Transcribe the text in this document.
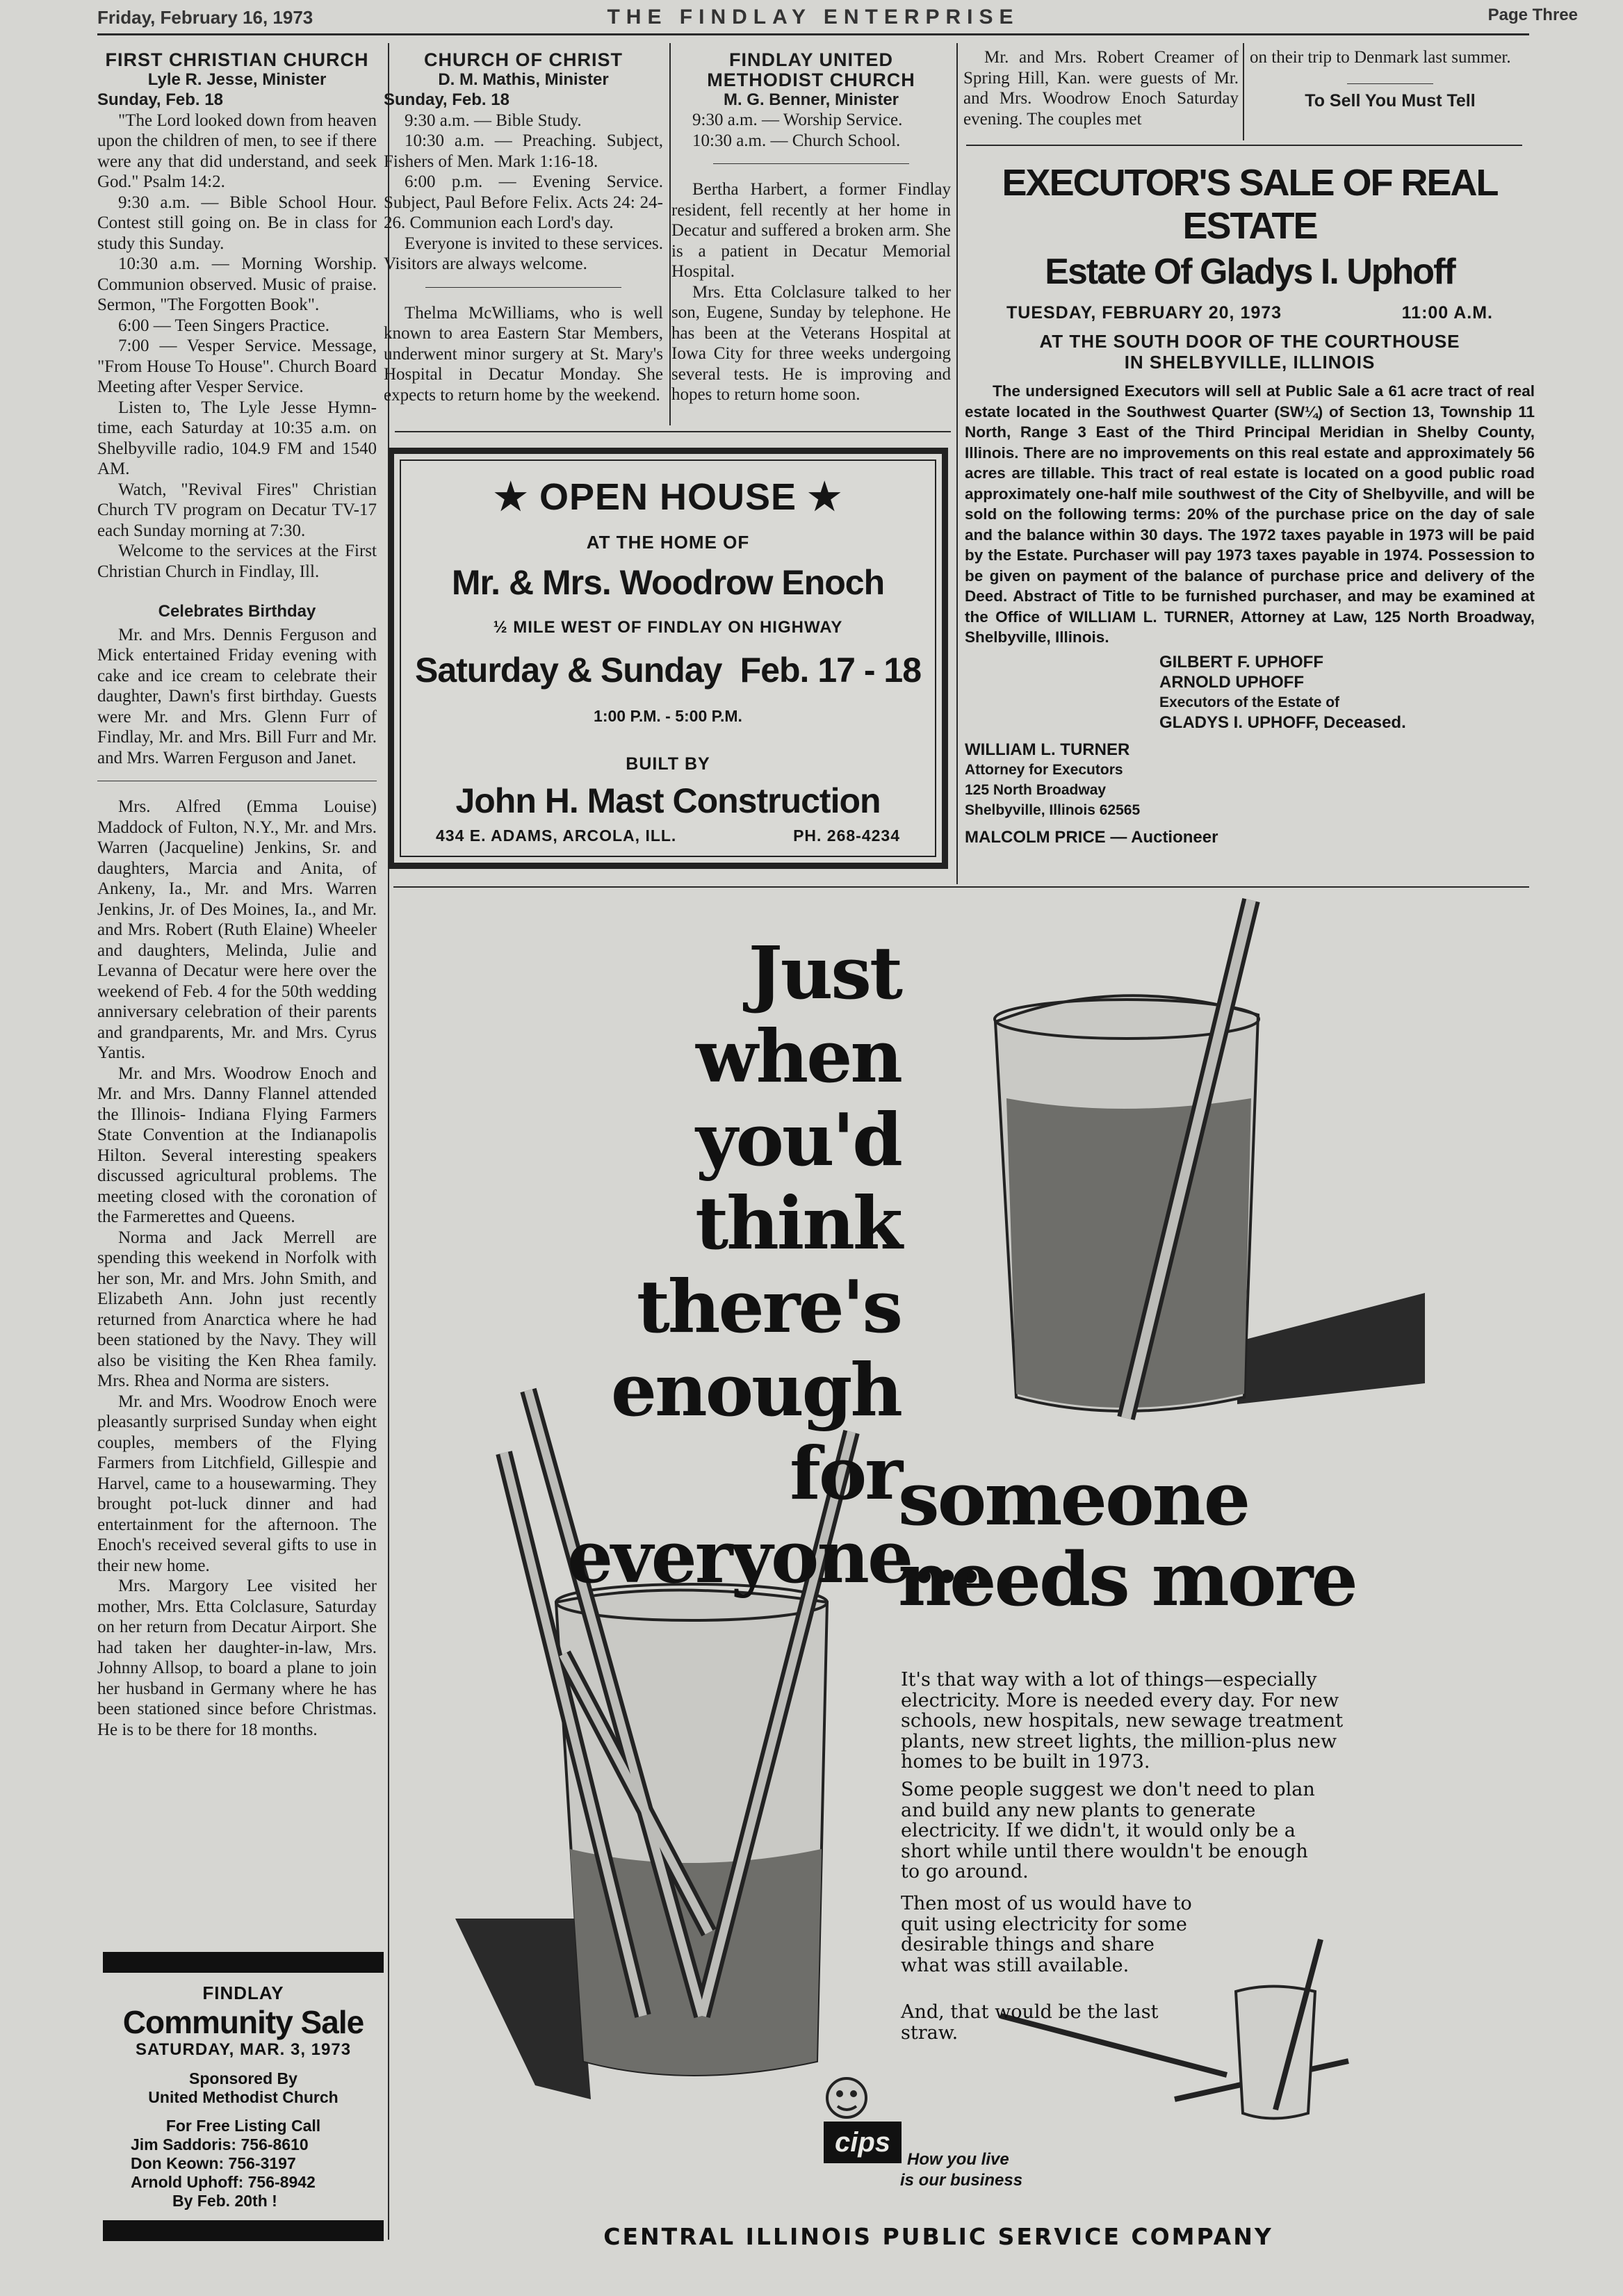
Friday, February 16, 1973	THE FINDLAY ENTERPRISE	Page Three
FIRST CHRISTIAN CHURCH
Lyle R. Jesse, Minister
Sunday, Feb. 18

"The Lord looked down from heaven upon the children of men, to see if there were any that did understand, and seek God." Psalm 14:2.

9:30 a.m. — Bible School Hour. Contest still going on. Be in class for study this Sunday.

10:30 a.m. — Morning Worship. Communion observed. Music of praise. Sermon, "The Forgotten Book".

6:00 — Teen Singers Practice.

7:00 — Vesper Service. Message, "From House To House". Church Board Meeting after Vesper Service.

Listen to, The Lyle Jesse Hymn-time, each Saturday at 10:35 a.m. on Shelbyville radio, 104.9 FM and 1540 AM.

Watch, "Revival Fires" Christian Church TV program on Decatur TV-17 each Sunday morning at 7:30.

Welcome to the services at the First Christian Church in Findlay, Ill.

Celebrates Birthday

Mr. and Mrs. Dennis Ferguson and Mick entertained Friday evening with cake and ice cream to celebrate their daughter, Dawn's first birthday. Guests were Mr. and Mrs. Glenn Furr of Findlay, Mr. and Mrs. Bill Furr and Mr. and Mrs. Warren Ferguson and Janet.

Mrs. Alfred (Emma Louise) Maddock of Fulton, N.Y., Mr. and Mrs. Warren (Jacqueline) Jenkins, Sr. and daughters, Marcia and Anita, of Ankeny, Ia., Mr. and Mrs. Warren Jenkins, Jr. of Des Moines, Ia., and Mr. and Mrs. Robert (Ruth Elaine) Wheeler and daughters, Melinda, Julie and Levanna of Decatur were here over the weekend of Feb. 4 for the 50th wedding anniversary celebration of their parents and grandparents, Mr. and Mrs. Cyrus Yantis.

Mr. and Mrs. Woodrow Enoch and Mr. and Mrs. Danny Flannel attended the Illinois- Indiana Flying Farmers State Convention at the Indianapolis Hilton. Several interesting speakers discussed agricultural problems. The meeting closed with the coronation of the Farmerettes and Queens.

Norma and Jack Merrell are spending this weekend in Norfolk with her son, Mr. and Mrs. John Smith, and Elizabeth Ann. John just recently returned from Anarctica where he had been stationed by the Navy. They will also be visiting the Ken Rhea family. Mrs. Rhea and Norma are sisters.

Mr. and Mrs. Woodrow Enoch were pleasantly surprised Sunday when eight couples, members of the Flying Farmers from Litchfield, Gillespie and Harvel, came to a housewarming. They brought pot-luck dinner and had entertainment for the afternoon. The Enoch's received several gifts to use in their new home.

Mrs. Margory Lee visited her mother, Mrs. Etta Colclasure, Saturday on her return from Decatur Airport. She had taken her daughter-in-law, Mrs. Johnny Allsop, to board a plane to join her husband in Germany where he has been stationed since before Christmas. He is to be there for 18 months.

FINDLAY
Community Sale
SATURDAY, MAR. 3, 1973
Sponsored By
United Methodist Church
For Free Listing Call
Jim Saddoris: 756-8610
Don Keown: 756-3197
Arnold Uphoff: 756-8942
By Feb. 20th !
CHURCH OF CHRIST
D. M. Mathis, Minister
Sunday, Feb. 18

9:30 a.m. — Bible Study.

10:30 a.m. — Preaching. Subject, Fishers of Men. Mark 1:16-18.

6:00 p.m. — Evening Service. Subject, Paul Before Felix. Acts 24: 24-26. Communion each Lord's day.

Everyone is invited to these services. Visitors are always welcome.

Thelma McWilliams, who is well known to area Eastern Star Members, underwent minor surgery at St. Mary's Hospital in Decatur Monday. She expects to return home by the weekend.

FINDLAY UNITED
METHODIST CHURCH
M. G. Benner, Minister

9:30 a.m. — Worship Service.

10:30 a.m. — Church School.

Bertha Harbert, a former Findlay resident, fell recently at her home in Decatur and suffered a broken arm. She is a patient in Decatur Memorial Hospital.

Mrs. Etta Colclasure talked to her son, Eugene, Sunday by telephone. He has been at the Veterans Hospital at Iowa City for three weeks undergoing several tests. He is improving and hopes to return home soon.

Mr. and Mrs. Robert Creamer of Spring Hill, Kan. were guests of Mr. and Mrs. Woodrow Enoch Saturday evening. The couples met

on their trip to Denmark last summer.
To Sell You Must Tell
★ OPEN HOUSE ★
AT THE HOME OF
Mr. & Mrs. Woodrow Enoch
½ MILE WEST OF FINDLAY ON HIGHWAY
Saturday & Sunday Feb. 17 - 18
1:00 P.M. - 5:00 P.M.
BUILT BY
John H. Mast Construction
434 E. ADAMS, ARCOLA, ILL.	PH. 268-4234
EXECUTOR'S SALE OF REAL ESTATE
Estate Of Gladys I. Uphoff
TUESDAY, FEBRUARY 20, 1973	11:00 A.M.
AT THE SOUTH DOOR OF THE COURTHOUSE
IN SHELBYVILLE, ILLINOIS
The undersigned Executors will sell at Public Sale a 61 acre tract of real estate located in the Southwest Quarter (SW¼) of Section 13, Township 11 North, Range 3 East of the Third Principal Meridian in Shelby County, Illinois. There are no improvements on this real estate and approximately 56 acres are tillable. This tract of real estate is located on a good public road approximately one-half mile southwest of the City of Shelbyville, and will be sold on the following terms: 20% of the purchase price on the day of sale and the balance within 30 days. The 1972 taxes payable in 1973 will be paid by the Estate. Purchaser will pay 1973 taxes payable in 1974. Possession to be given on payment of the balance of purchase price and delivery of the Deed. Abstract of Title to be furnished purchaser, and may be examined at the Office of WILLIAM L. TURNER, Attorney at Law, 125 North Broadway, Shelbyville, Illinois.
GILBERT F. UPHOFF
ARNOLD UPHOFF
Executors of the Estate of
GLADYS I. UPHOFF, Deceased.
WILLIAM L. TURNER
Attorney for Executors
125 North Broadway
Shelbyville, Illinois 62565
MALCOLM PRICE — Auctioneer
Just when
you'd think
there's
enough for
everyone...
someone
needs more
It's that way with a lot of things—especially electricity. More is needed every day. For new schools, new hospitals, new sewage treatment plants, new street lights, the million-plus new homes to be built in 1973.
Some people suggest we don't need to plan and build any new plants to generate electricity. If we didn't, it would only be a short while until there wouldn't be enough to go around.
Then most of us would have to quit using electricity for some desirable things and share what was still available.
And, that would be the last straw.
cips
How you live
is our business
CENTRAL ILLINOIS PUBLIC SERVICE COMPANY
